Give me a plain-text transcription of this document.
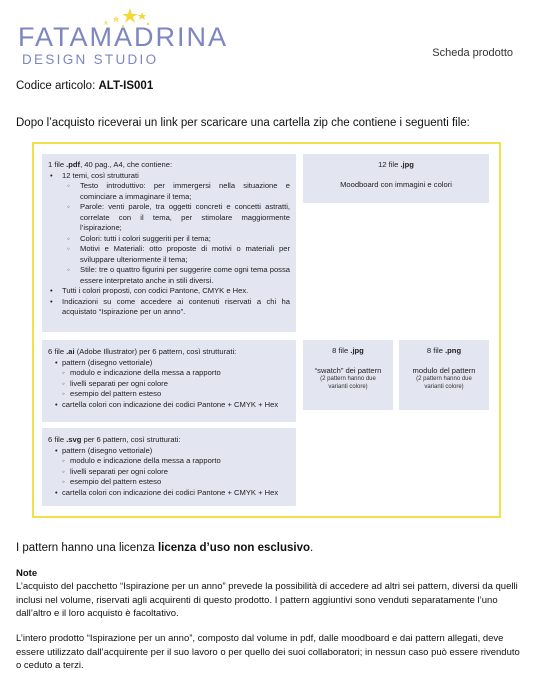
FATAMADRINA
DESIGN STUDIO	Scheda prodotto
Codice articolo: ALT-IS001
Dopo l’acquisto riceverai un link per scaricare una cartella zip che contiene i seguenti file:
1 file .pdf, 40 pag., A4, che contiene:
• 12 temi, così strutturati
◦ Testo introduttivo: per immergersi nella situazione e cominciare a immaginare il tema;
◦ Parole: venti parole, tra oggetti concreti e concetti astratti, correlate con il tema, per stimolare maggiormente l’ispirazione;
◦ Colori: tutti i colori suggeriti per il tema;
◦ Motivi e Materiali: otto proposte di motivi o materiali per sviluppare ulteriormente il tema;
◦ Stile: tre o quattro figurini per suggerire come ogni tema possa essere interpretato anche in stili diversi.
• Tutti i colori proposti, con codici Pantone, CMYK e Hex.
• Indicazioni su come accedere ai contenuti riservati a chi ha acquistato “Ispirazione per un anno”.
6 file .ai (Adobe Illustrator) per 6 pattern, così strutturati:
• pattern (disegno vettoriale)
◦ modulo e indicazione della messa a rapporto
◦ livelli separati per ogni colore
◦ esempio del pattern esteso
• cartella colori con indicazione dei codici Pantone + CMYK + Hex
6 file .svg per 6 pattern, così strutturati:
• pattern (disegno vettoriale)
◦ modulo e indicazione della messa a rapporto
◦ livelli separati per ogni colore
◦ esempio del pattern esteso
• cartella colori con indicazione dei codici Pantone + CMYK + Hex
12 file .jpg
Moodboard con immagini e colori
8 file .jpg
“swatch” dei pattern
(2 pattern hanno due
varianti colore)
8 file .png
modulo del pattern
(2 pattern hanno due
varianti colore)
I pattern hanno una licenza licenza d’uso non esclusivo.
Note
L’acquisto del pacchetto “Ispirazione per un anno” prevede la possibilità di accedere ad altri sei pattern, diversi da quelli inclusi nel volume, riservati agli acquirenti di questo prodotto. I pattern aggiuntivi sono venduti separatamente l’uno dall’altro e il loro acquisto è facoltativo.
L’intero prodotto “Ispirazione per un anno”, composto dal volume in pdf, dalle moodboard e dai pattern allegati, deve essere utilizzato dall’acquirente per il suo lavoro o per quello dei suoi collaboratori; in nessun caso può essere rivenduto o ceduto a terzi.
